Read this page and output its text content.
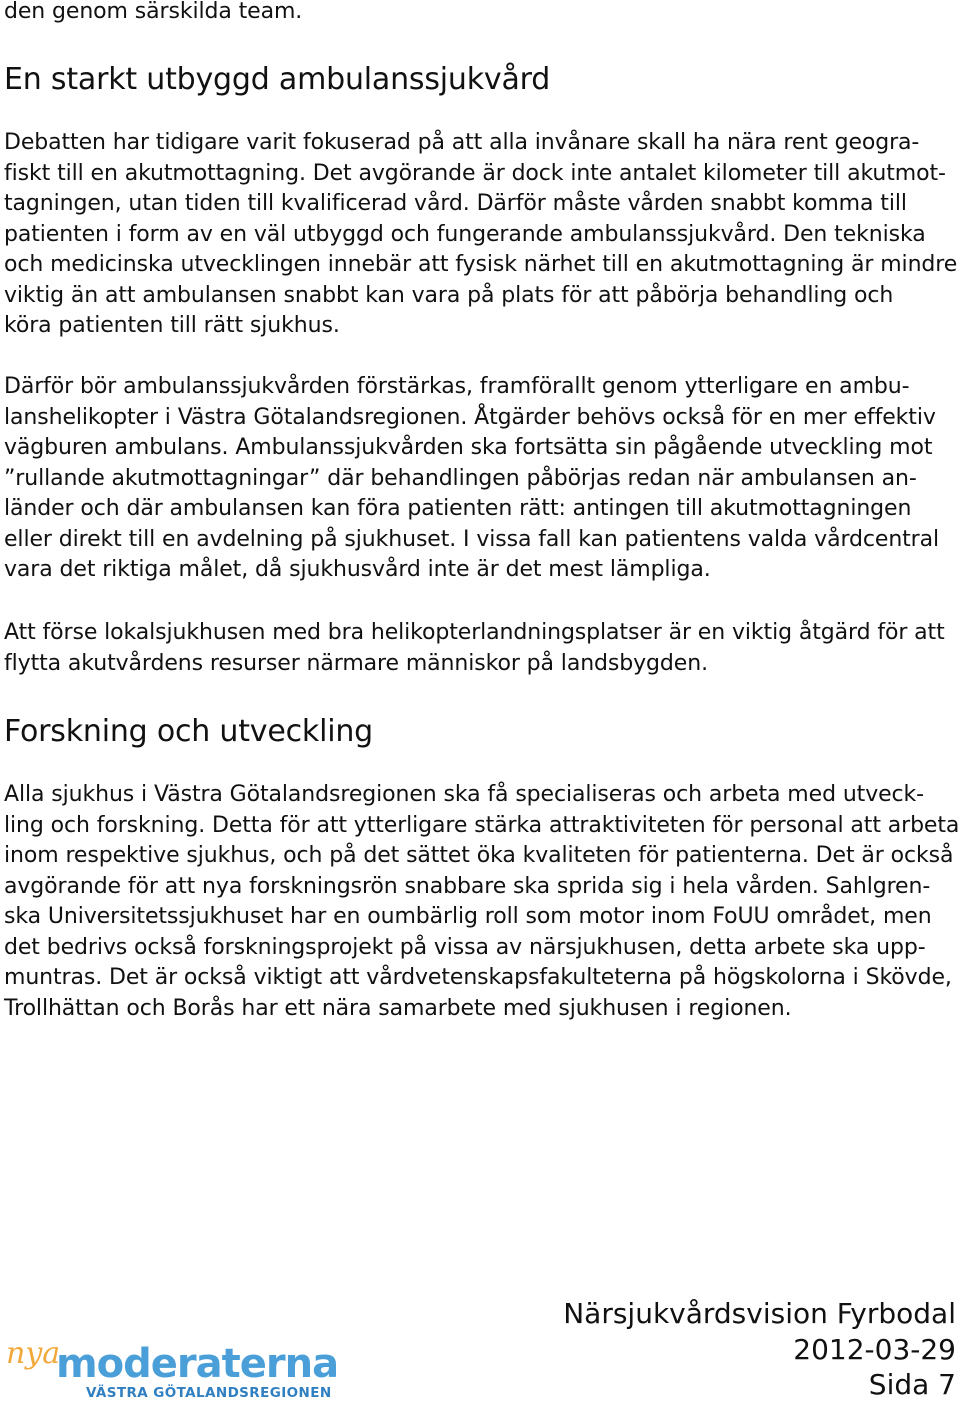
den genom särskilda team.
En starkt utbyggd ambulanssjukvård
Debatten har tidigare varit fokuserad på att alla invånare skall ha nära rent geogra-
fiskt till en akutmottagning. Det avgörande är dock inte antalet kilometer till akutmot-
tagningen, utan tiden till kvalificerad vård. Därför måste vården snabbt komma till
patienten i form av en väl utbyggd och fungerande ambulanssjukvård. Den tekniska
och medicinska utvecklingen innebär att fysisk närhet till en akutmottagning är mindre
viktig än att ambulansen snabbt kan vara på plats för att påbörja behandling och
köra patienten till rätt sjukhus.
Därför bör ambulanssjukvården förstärkas, framförallt genom ytterligare en ambu-
lanshelikopter i Västra Götalandsregionen. Åtgärder behövs också för en mer effektiv
vägburen ambulans. Ambulanssjukvården ska fortsätta sin pågående utveckling mot
”rullande akutmottagningar” där behandlingen påbörjas redan när ambulansen an-
länder och där ambulansen kan föra patienten rätt: antingen till akutmottagningen
eller direkt till en avdelning på sjukhuset. I vissa fall kan patientens valda vårdcentral
vara det riktiga målet, då sjukhusvård inte är det mest lämpliga.
Att förse lokalsjukhusen med bra helikopterlandningsplatser är en viktig åtgärd för att
flytta akutvårdens resurser närmare människor på landsbygden.
Forskning och utveckling
Alla sjukhus i Västra Götalandsregionen ska få specialiseras och arbeta med utveck-
ling och forskning. Detta för att ytterligare stärka attraktiviteten för personal att arbeta
inom respektive sjukhus, och på det sättet öka kvaliteten för patienterna. Det är också
avgörande för att nya forskningsrön snabbare ska sprida sig i hela vården. Sahlgren-
ska Universitetssjukhuset har en oumbärlig roll som motor inom FoUU området, men
det bedrivs också forskningsprojekt på vissa av närsjukhusen, detta arbete ska upp-
muntras. Det är också viktigt att vårdvetenskapsfakulteterna på högskolorna i Skövde,
Trollhättan och Borås har ett nära samarbete med sjukhusen i regionen.
nya
moderaterna
VÄSTRA GÖTALANDSREGIONEN
Närsjukvårdsvision Fyrbodal
2012-03-29
Sida 7
